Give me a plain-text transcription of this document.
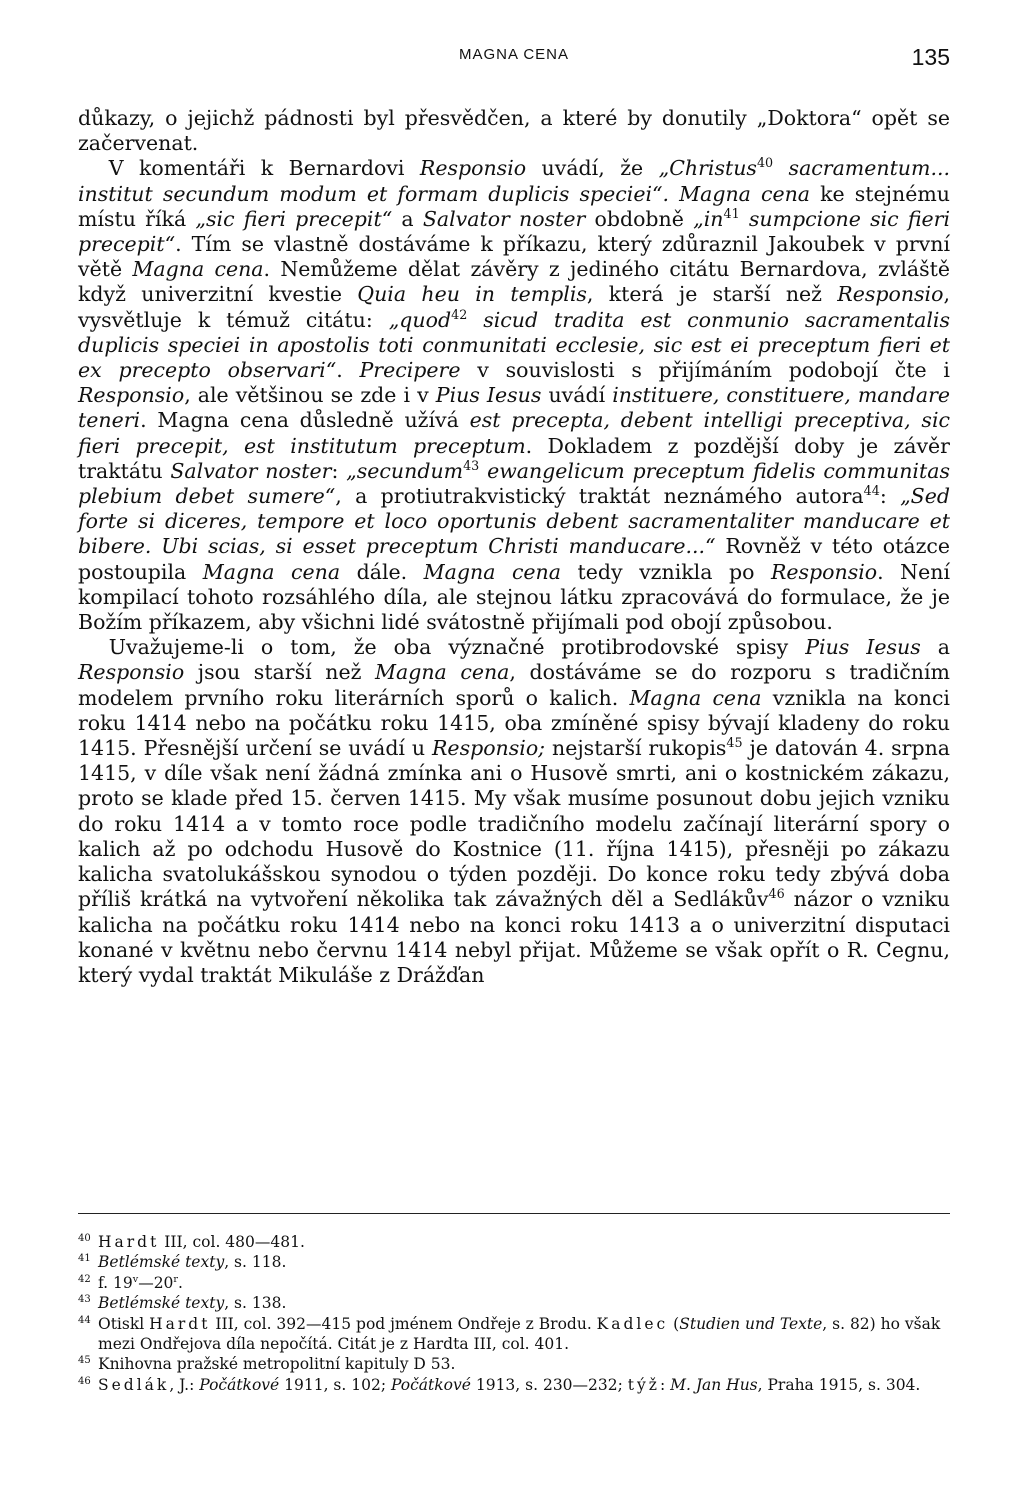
MAGNA CENA	135

důkazy, o jejichž pádnosti byl přesvědčen, a které by donutily „Doktora“ opět se začervenat.

V komentáři k Bernardovi Responsio uvádí, že „Christus$^{40}$ sacramentum... institut secundum modum et formam duplicis speciei“. Magna cena ke stejnému místu říká „sic fieri precepit“ a Salvator noster obdobně $„in^{41}$ sumpcione sic fieri precepit“. Tím se vlastně dostáváme k příkazu, který zdůraznil Jakoubek v první větě Magna cena. Nemůžeme dělat závěry z jediného citátu Bernardova, zvláště když univerzitní kvestie Quia heu in templis, která je starší než Responsio, vysvětluje k témuž citátu: „quod$^{42}$ sicud tradita est conmunio sacramentalis duplicis speciei in apostolis toti conmunitati ecclesie, sic est ei preceptum fieri et ex precepto observari“. Precipere v souvislosti s přijímáním podobojí čte i Responsio, ale většinou se zde i v Pius Iesus uvádí instituere, constituere, mandare teneri. Magna cena důsledně užívá est precepta, debent intelligi preceptiva, sic fieri precepit, est institutum preceptum. Dokladem z pozdější doby je závěr traktátu Salvator noster: „secundum$^{43}$ ewangelicum preceptum fidelis communitas plebium debet sumere“, a protiutrakvistický traktát neznámého autora$^{44}$: „Sed forte si diceres, tempore et loco oportunis debent sacramentaliter manducare et bibere. Ubi scias, si esset preceptum Christi manducare...“ Rovněž v této otázce postoupila Magna cena dále. Magna cena tedy vznikla po Responsio. Není kompilací tohoto rozsáhlého díla, ale stejnou látku zpracovává do formulace, že je Božím příkazem, aby všichni lidé svátostně přijímali pod obojí způsobou.

Uvažujeme-li o tom, že oba význačné protibrodovské spisy Pius Iesus a Responsio jsou starší než Magna cena, dostáváme se do rozporu s tradičním modelem prvního roku literárních sporů o kalich. Magna cena vznikla na konci roku 1414 nebo na počátku roku 1415, oba zmíněné spisy bývají kladeny do roku 1415. Přesnější určení se uvádí u Responsio; nejstarší rukopis$^{45}$ je datován 4. srpna 1415, v díle však není žádná zmínka ani o Husově smrti, ani o kostnickém zákazu, proto se klade před 15. červen 1415. My však musíme posunout dobu jejich vzniku do roku 1414 a v tomto roce podle tradičního modelu začínají literární spory o kalich až po odchodu Husově do Kostnice (11. října 1415), přesněji po zákazu kalicha svatolukášskou synodou o týden později. Do konce roku tedy zbývá doba příliš krátká na vytvoření několika tak závažných děl a Sedlákův$^{46}$ názor o vzniku kalicha na počátku roku 1414 nebo na konci roku 1413 a o univerzitní disputaci konané v květnu nebo červnu 1414 nebyl přijat. Můžeme se však opřít o R. Cegnu, který vydal traktát Mikuláše z Drážďan

40 Hardt III, col. 480—481.
41 Betlémské texty, s. 118.
42 f. 19$^v$—20$^r$.
43 Betlémské texty, s. 138.
44 Otiskl Hardt III, col. 392—415 pod jménem Ondřeje z Brodu. Kadlec (Studien und Texte, s. 82) ho však mezi Ondřejova díla nepočítá. Citát je z Hardta III, col. 401.
45 Knihovna pražské metropolitní kapituly D 53.
46 Sedlák, J.: Počátkové 1911, s. 102; Počátkové 1913, s. 230—232; týž: M. Jan Hus, Praha 1915, s. 304.
